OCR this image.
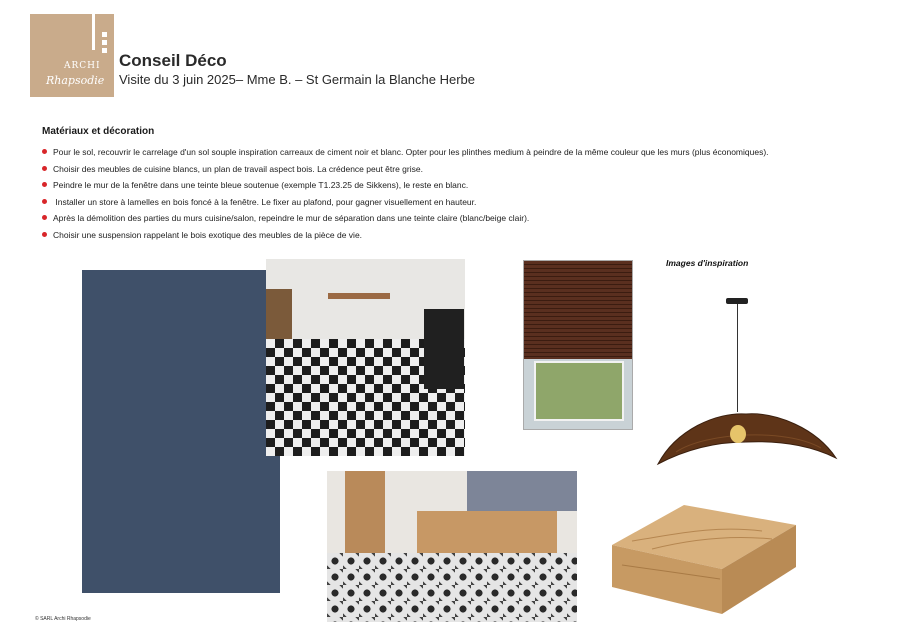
ARCHI
Rhapsodie
Conseil Déco
Visite du 3 juin 2025– Mme B. – St Germain la Blanche Herbe
Matériaux et décoration
Pour le sol, recouvrir le carrelage d'un sol souple inspiration carreaux de ciment noir et blanc. Opter pour les plinthes medium à peindre de la même couleur que les murs (plus économiques).
Choisir des meubles de cuisine blancs, un plan de travail aspect bois. La crédence peut être grise.
Peindre le mur de la fenêtre dans une teinte bleue soutenue (exemple T1.23.25 de Sikkens), le reste en blanc.
Installer un store à lamelles en bois foncé à la fenêtre. Le fixer au plafond, pour gagner visuellement en hauteur.
Après la démolition des parties du murs cuisine/salon, repeindre le mur de séparation dans une teinte claire (blanc/beige clair).
Choisir une suspension rappelant le bois exotique des meubles de la pièce de vie.
Images d'inspiration
© SARL Archi Rhapsodie
